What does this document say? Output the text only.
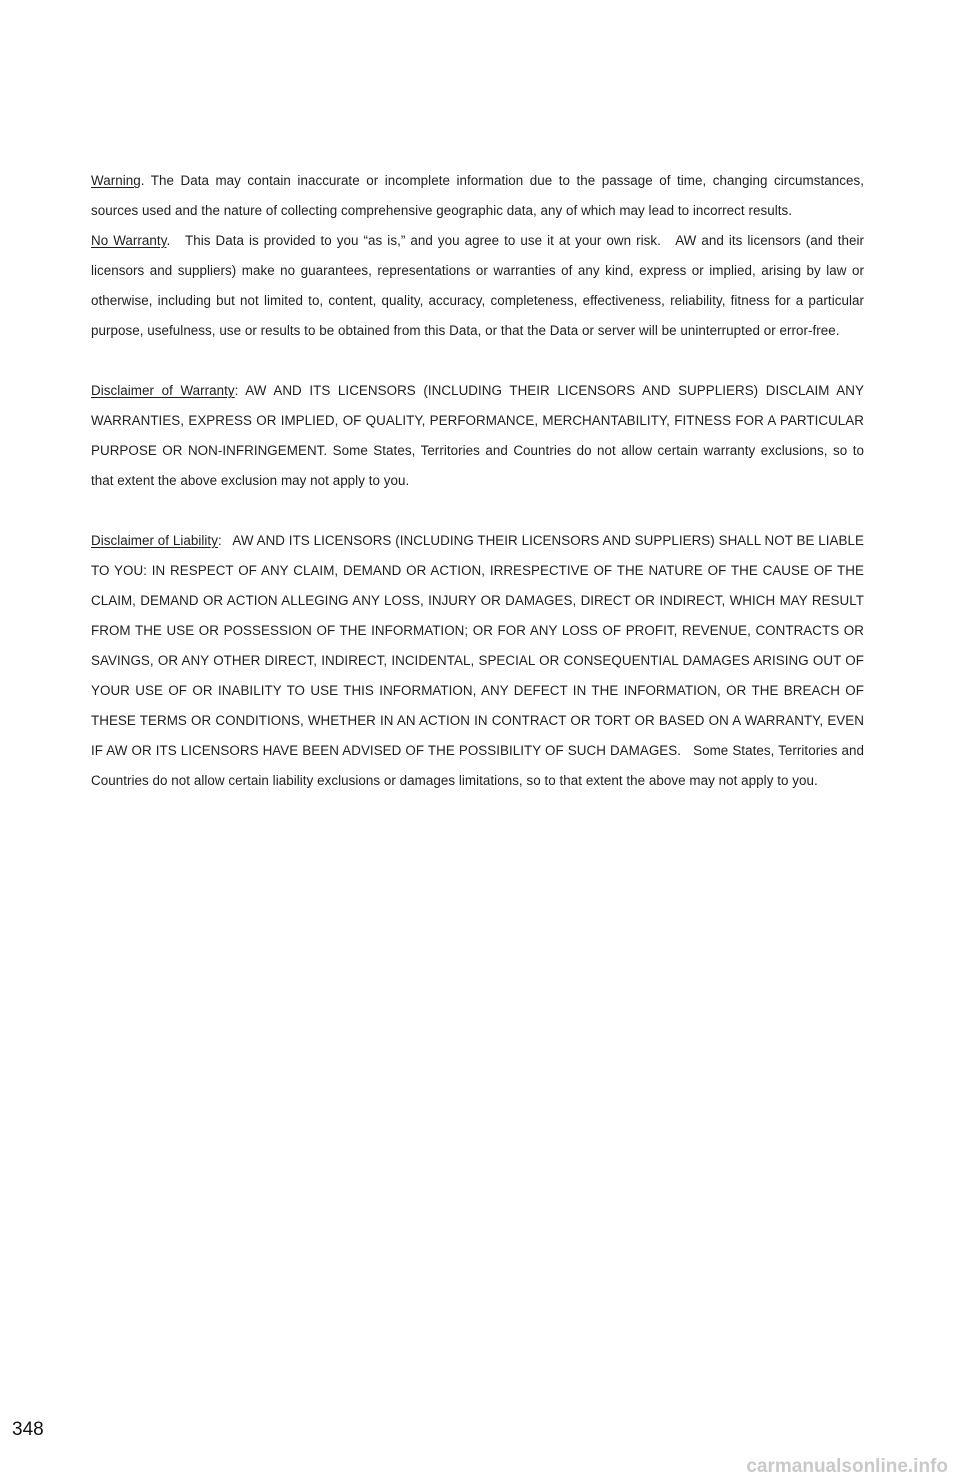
Warning. The Data may contain inaccurate or incomplete information due to the passage of time, changing circumstances, sources used and the nature of collecting comprehensive geographic data, any of which may lead to incorrect results.

No Warranty.   This Data is provided to you “as is,” and you agree to use it at your own risk.   AW and its licensors (and their licensors and suppliers) make no guarantees, representations or warranties of any kind, express or implied, arising by law or otherwise, including but not limited to, content, quality, accuracy, completeness, effectiveness, reliability, fitness for a particular purpose, usefulness, use or results to be obtained from this Data, or that the Data or server will be uninterrupted or error-free.

Disclaimer of Warranty: AW AND ITS LICENSORS (INCLUDING THEIR LICENSORS AND SUPPLIERS) DISCLAIM ANY WARRANTIES, EXPRESS OR IMPLIED, OF QUALITY, PERFORMANCE, MERCHANTABILITY, FITNESS FOR A PARTICULAR PURPOSE OR NON-INFRINGEMENT. Some States, Territories and Countries do not allow certain warranty exclusions, so to that extent the above exclusion may not apply to you.

Disclaimer of Liability:   AW AND ITS LICENSORS (INCLUDING THEIR LICENSORS AND SUPPLIERS) SHALL NOT BE LIABLE TO YOU: IN RESPECT OF ANY CLAIM, DEMAND OR ACTION, IRRESPECTIVE OF THE NATURE OF THE CAUSE OF THE CLAIM, DEMAND OR ACTION ALLEGING ANY LOSS, INJURY OR DAMAGES, DIRECT OR INDIRECT, WHICH MAY RESULT FROM THE USE OR POSSESSION OF THE INFORMATION; OR FOR ANY LOSS OF PROFIT, REVENUE, CONTRACTS OR SAVINGS, OR ANY OTHER DIRECT, INDIRECT, INCIDENTAL, SPECIAL OR CONSEQUENTIAL DAMAGES ARISING OUT OF YOUR USE OF OR INABILITY TO USE THIS INFORMATION, ANY DEFECT IN THE INFORMATION, OR THE BREACH OF THESE TERMS OR CONDITIONS, WHETHER IN AN ACTION IN CONTRACT OR TORT OR BASED ON A WARRANTY, EVEN IF AW OR ITS LICENSORS HAVE BEEN ADVISED OF THE POSSIBILITY OF SUCH DAMAGES.   Some States, Territories and Countries do not allow certain liability exclusions or damages limitations, so to that extent the above may not apply to you.

348
carmanualsonline.info
